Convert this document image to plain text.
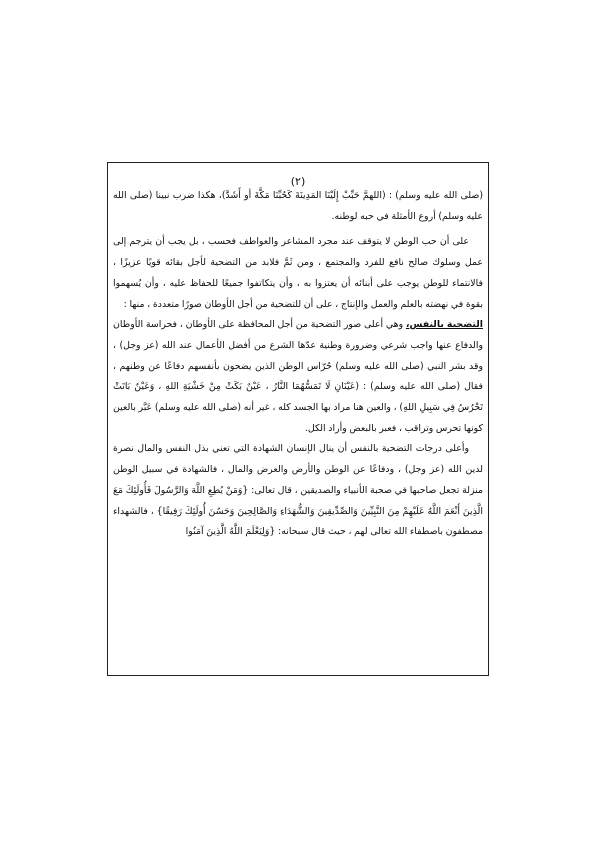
(٢)

(صلى الله عليه وسلم) : (اللهمَّ حَبِّبْ إِلَيْنَا المَدِينَةَ كَحُبِّنَا مَكَّةَ أو أَشَدَّ)، هكذا ضرب نبينا (صلى الله عليه وسلم) أروع الأمثلة في حبه لوطنه.

على أن حب الوطن لا يتوقف عند مجرد المشاعر والعواطف فحسب ، بل يجب أن يترجم إلى عمل وسلوك صالح نافع للفرد والمجتمع ، ومن ثَمَّ فلابد من التضحية لأجل بقائه قويًا عزيزًا ، فالانتماء للوطن يوجب على أبنائه أن يعتزوا به ، وأن يتكاتفوا جميعًا للحفاظ عليه ، وأن يُسهموا بقوة في نهضته بالعلم والعمل والإنتاج ، على أن للتضحية من أجل الأوطان صورًا متعددة ، منها :

التضحية بالنفس، وهي أعلى صور التضحية من أجل المحافظة على الأوطان ، فحراسة الأوطان والدفاع عنها واجب شرعي وضرورة وطنية عدّها الشرع من أفضل الأعمال عند الله (عز وجل) ، وقد بشر النبي (صلى الله عليه وسلم) حُرّاس الوطن الذين يضحون بأنفسهم دفاعًا عن وطنهم ، فقال (صلى الله عليه وسلم) : (عَيْنَانِ لَا تَمَسُّهُمَا النَّارُ ، عَيْنٌ بَكَتْ مِنْ خَشْيَةِ اللهِ ، وَعَيْنٌ بَاتَتْ تَحْرُسُ فِي سَبِيلِ اللهِ) ، والعين هنا مراد بها الجسد كله ، غير أنه (صلى الله عليه وسلم) عَبَّر بالعين كونها تحرس وتراقب ، فعبر بالبعض وأراد الكل.

وأعلى درجات التضحية بالنفس أن ينال الإنسان الشهادة التي تعني بذل النفس والمال نصرة لدين الله (عز وجل) ، ودفاعًا عن الوطن والأرض والعرض والمال ، فالشهادة في سبيل الوطن منزلة تجعل صاحبها في صحبة الأنبياء والصديقين ، قال تعالى: {وَمَنْ يُطِعِ اللَّهَ وَالرَّسُولَ فَأُولَئِكَ مَعَ الَّذِينَ أَنْعَمَ اللَّهُ عَلَيْهِمْ مِنَ النَّبِيِّينَ وَالصِّدِّيقِينَ وَالشُّهَدَاءِ وَالصَّالِحِينَ وَحَسُنَ أُولَئِكَ رَفِيقًا} ، فالشهداء مصطفون باصطفاء الله تعالى لهم ، حيث قال سبحانه: {وَلِيَعْلَمَ اللَّهُ الَّذِينَ آمَنُوا
